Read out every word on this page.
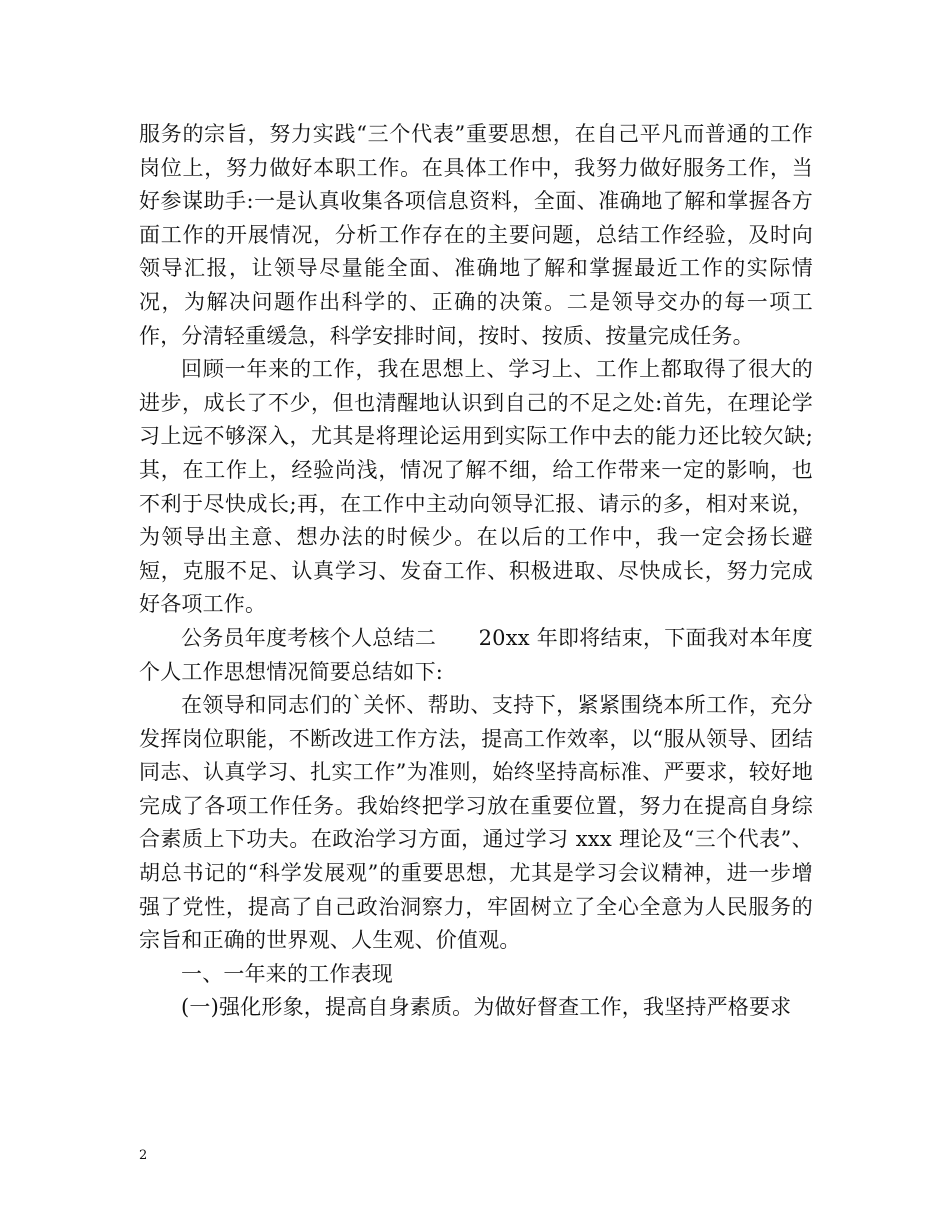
服务的宗旨，努力实践“三个代表”重要思想，在自己平凡而普通的工作岗位上，努力做好本职工作。在具体工作中，我努力做好服务工作，当好参谋助手:一是认真收集各项信息资料，全面、准确地了解和掌握各方面工作的开展情况，分析工作存在的主要问题，总结工作经验，及时向领导汇报，让领导尽量能全面、准确地了解和掌握最近工作的实际情况，为解决问题作出科学的、正确的决策。二是领导交办的每一项工作，分清轻重缓急，科学安排时间，按时、按质、按量完成任务。

回顾一年来的工作，我在思想上、学习上、工作上都取得了很大的进步，成长了不少，但也清醒地认识到自己的不足之处:首先，在理论学习上远不够深入，尤其是将理论运用到实际工作中去的能力还比较欠缺;其，在工作上，经验尚浅，情况了解不细，给工作带来一定的影响，也不利于尽快成长;再，在工作中主动向领导汇报、请示的多，相对来说，为领导出主意、想办法的时候少。在以后的工作中，我一定会扬长避短，克服不足、认真学习、发奋工作、积极进取、尽快成长，努力完成好各项工作。

公务员年度考核个人总结二　　20xx 年即将结束，下面我对本年度个人工作思想情况简要总结如下:

在领导和同志们的`关怀、帮助、支持下，紧紧围绕本所工作，充分发挥岗位职能，不断改进工作方法，提高工作效率，以“服从领导、团结同志、认真学习、扎实工作”为准则，始终坚持高标准、严要求，较好地完成了各项工作任务。我始终把学习放在重要位置，努力在提高自身综合素质上下功夫。在政治学习方面，通过学习 xxx 理论及“三个代表”、胡总书记的“科学发展观”的重要思想，尤其是学习会议精神，进一步增强了党性，提高了自己政治洞察力，牢固树立了全心全意为人民服务的宗旨和正确的世界观、人生观、价值观。

一、一年来的工作表现

(一)强化形象，提高自身素质。为做好督查工作，我坚持严格要求

2
